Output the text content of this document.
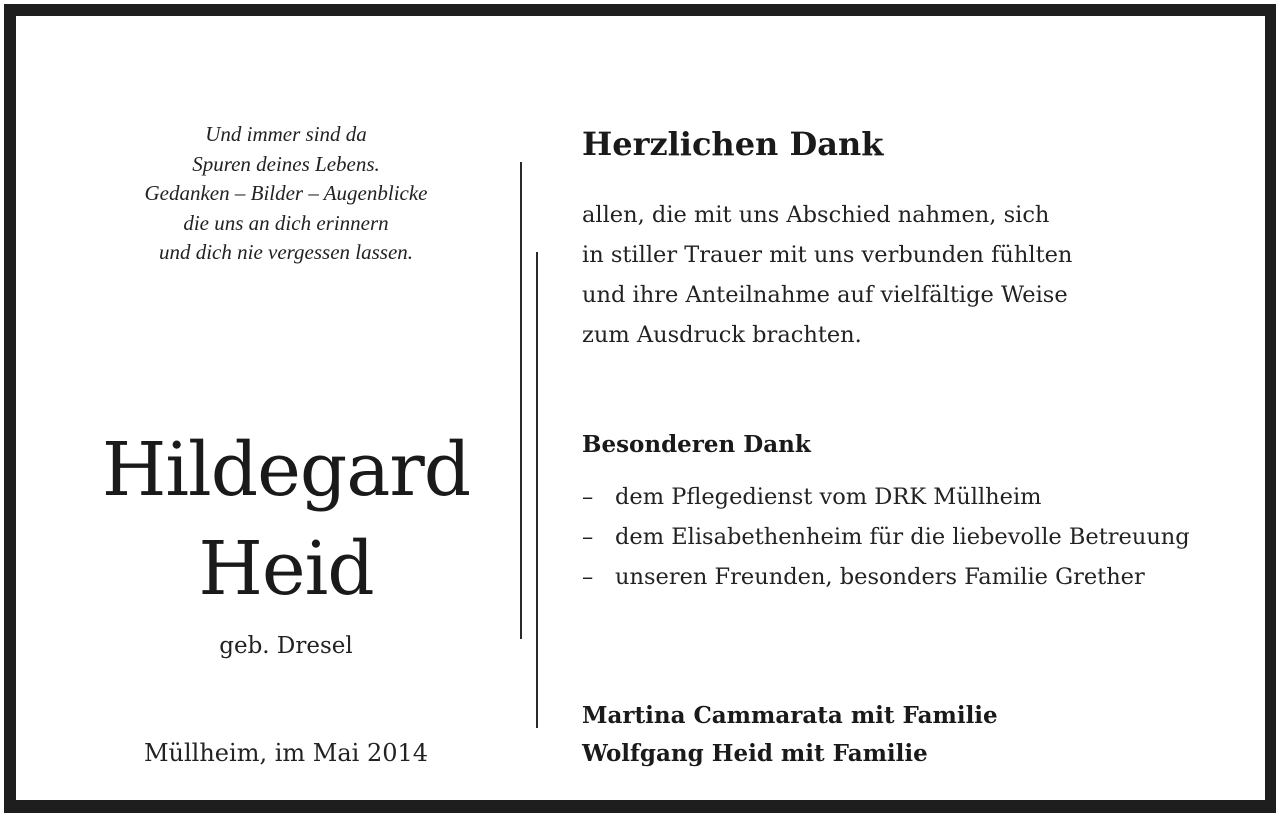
Und immer sind da
Spuren deines Lebens.
Gedanken – Bilder – Augenblicke
die uns an dich erinnern
und dich nie vergessen lassen.
Hildegard
Heid
geb. Dresel
Müllheim, im Mai 2014
Herzlichen Dank
allen, die mit uns Abschied nahmen, sich
in stiller Trauer mit uns verbunden fühlten
und ihre Anteilnahme auf vielfältige Weise
zum Ausdruck brachten.
Besonderen Dank
– dem Pflegedienst vom DRK Müllheim
– dem Elisabethenheim für die liebevolle Betreuung
– unseren Freunden, besonders Familie Grether
Martina Cammarata mit Familie
Wolfgang Heid mit Familie
